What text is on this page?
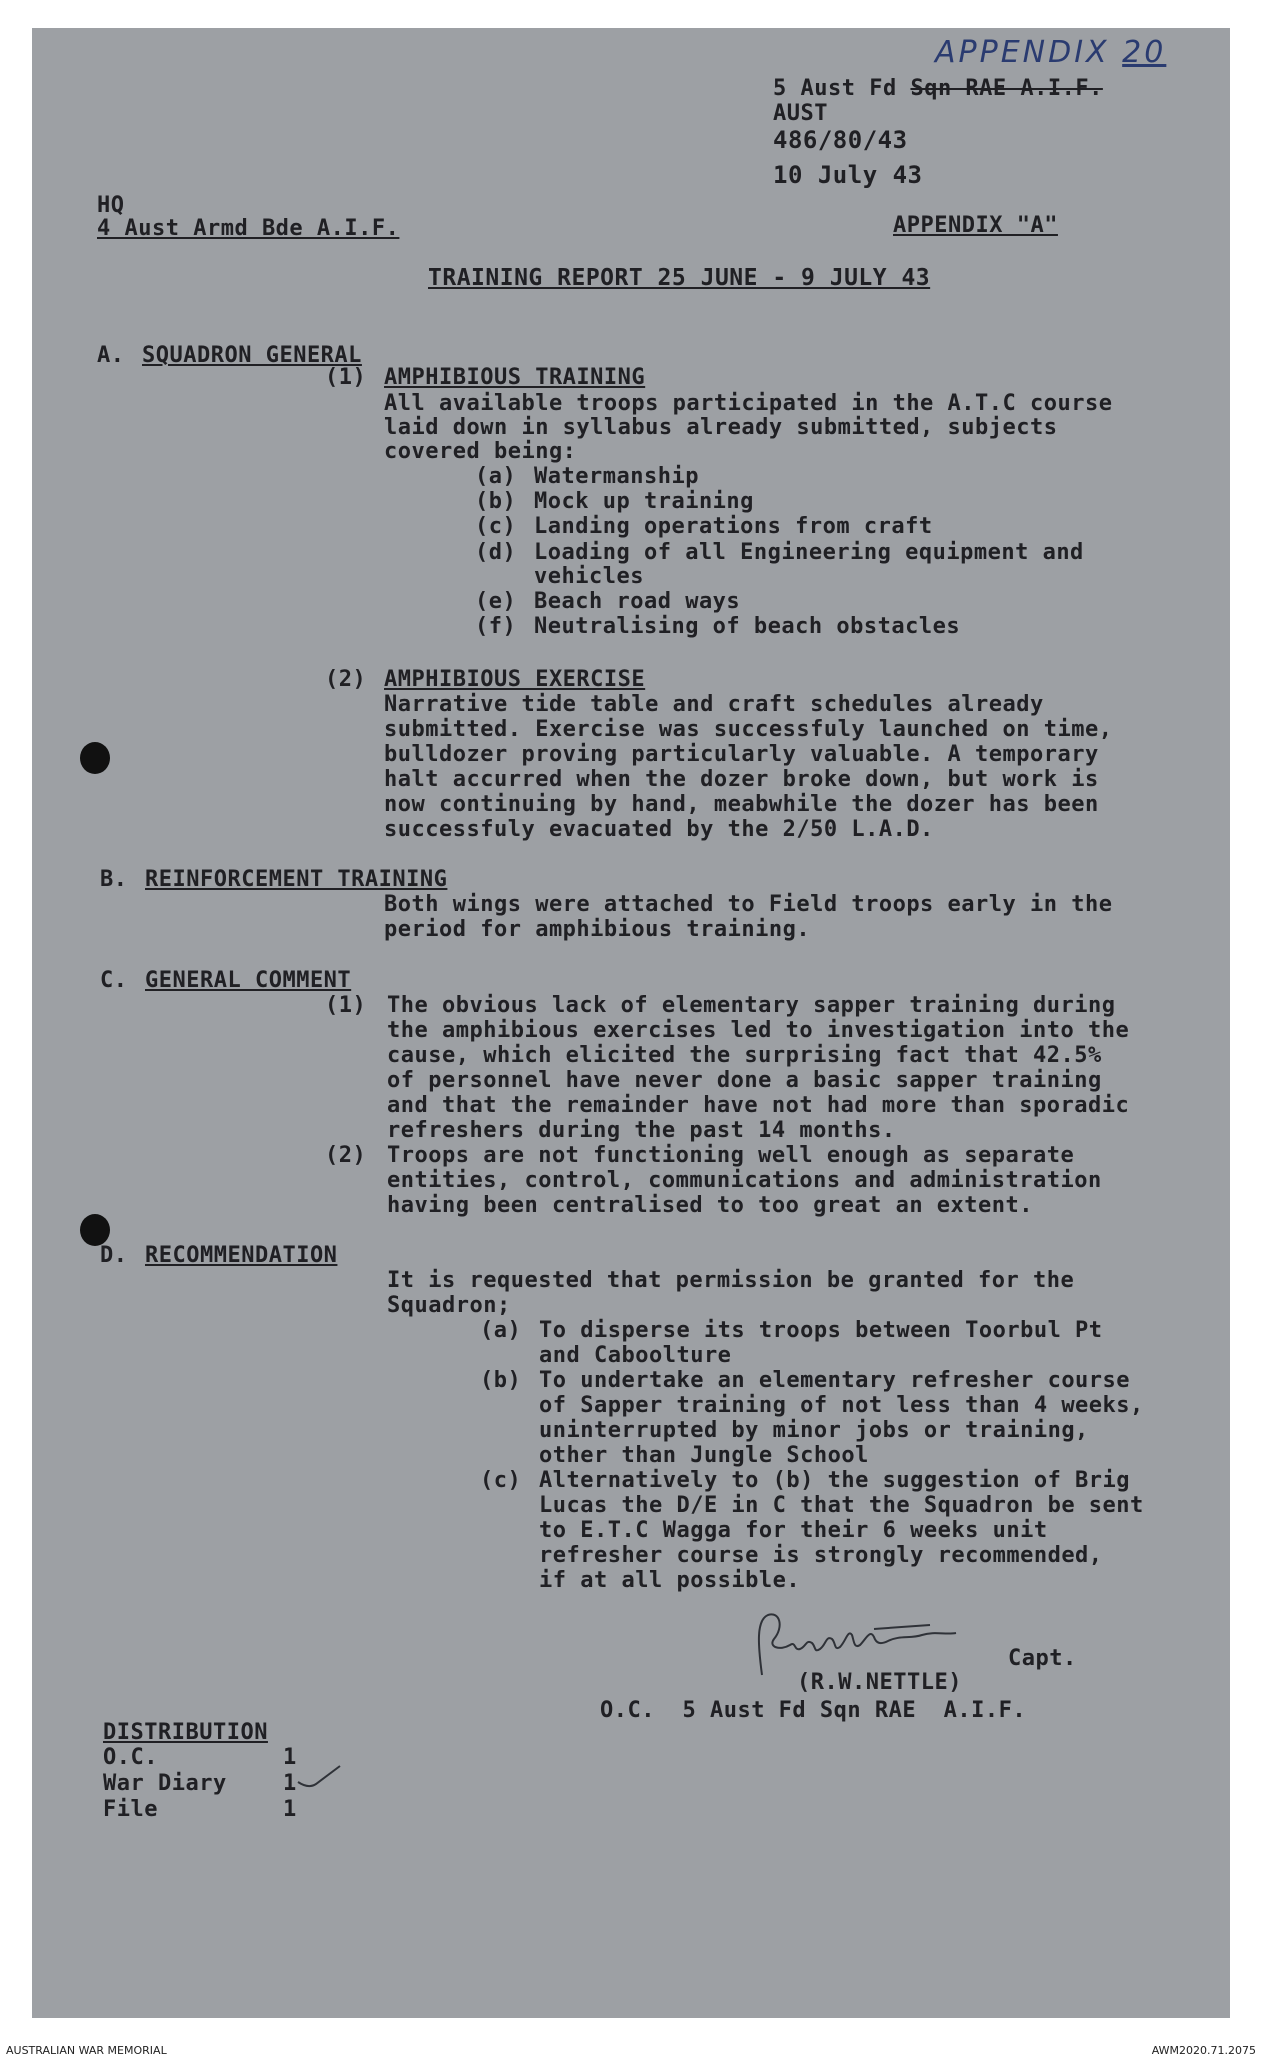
APPENDIX 20
5 Aust Fd Sqn RAE A.I.F.
AUST
486/80/43
10 July 43
HQ
4 Aust Armd Bde A.I.F.	APPENDIX "A"
TRAINING REPORT 25 JUNE - 9 JULY 43
A. SQUADRON GENERAL
(1) AMPHIBIOUS TRAINING
All available troops participated in the A.T.C course
laid down in syllabus already submitted, subjects
covered being:
(a) Watermanship
(b) Mock up training
(c) Landing operations from craft
(d) Loading of all Engineering equipment and
vehicles
(e) Beach road ways
(f) Neutralising of beach obstacles
(2) AMPHIBIOUS EXERCISE
Narrative tide table and craft schedules already
submitted. Exercise was successfuly launched on time,
bulldozer proving particularly valuable. A temporary
halt accurred when the dozer broke down, but work is
now continuing by hand, meabwhile the dozer has been
successfuly evacuated by the 2/50 L.A.D.
B. REINFORCEMENT TRAINING
Both wings were attached to Field troops early in the
period for amphibious training.
C. GENERAL COMMENT
(1) The obvious lack of elementary sapper training during
the amphibious exercises led to investigation into the
cause, which elicited the surprising fact that 42.5%
of personnel have never done a basic sapper training
and that the remainder have not had more than sporadic
refreshers during the past 14 months.
(2) Troops are not functioning well enough as separate
entities, control, communications and administration
having been centralised to too great an extent.
D. RECOMMENDATION
It is requested that permission be granted for the
Squadron;
(a) To disperse its troops between Toorbul Pt
and Caboolture
(b) To undertake an elementary refresher course
of Sapper training of not less than 4 weeks,
uninterrupted by minor jobs or training,
other than Jungle School
(c) Alternatively to (b) the suggestion of Brig
Lucas the D/E in C that the Squadron be sent
to E.T.C Wagga for their 6 weeks unit
refresher course is strongly recommended,
if at all possible.
Capt.
(R.W.NETTLE)
O.C.  5 Aust Fd Sqn RAE  A.I.F.
DISTRIBUTION
O.C.	1
War Diary	1
File	1
AUSTRALIAN WAR MEMORIAL	AWM2020.71.2075
